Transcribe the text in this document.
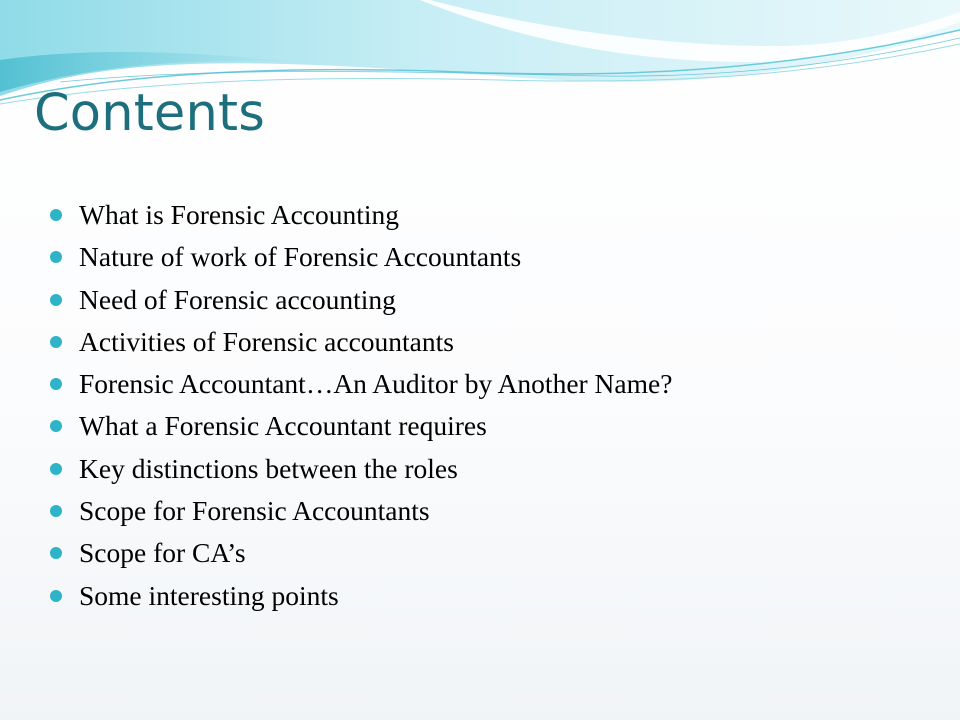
Contents
What is Forensic Accounting
Nature of work of Forensic Accountants
Need of Forensic accounting
Activities of Forensic accountants
Forensic Accountant…An Auditor by Another Name?
What a Forensic Accountant requires
Key distinctions between the roles
Scope for Forensic Accountants
Scope for CA’s
Some interesting points
